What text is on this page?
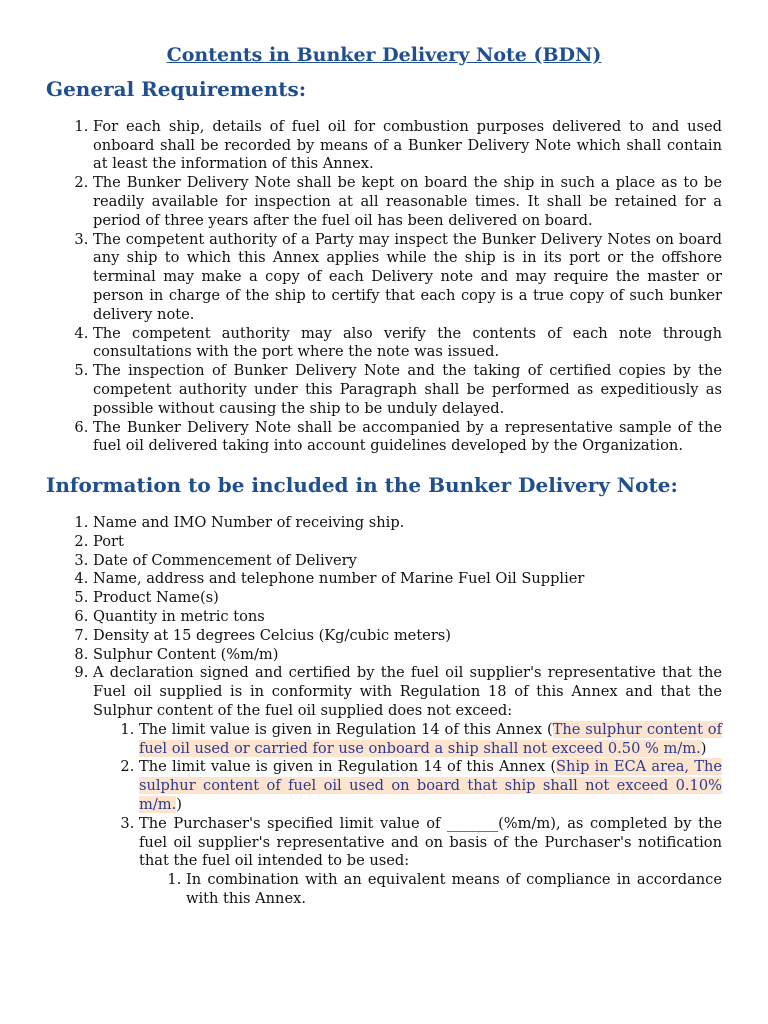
Contents in Bunker Delivery Note (BDN)
General Requirements:
1. For each ship, details of fuel oil for combustion purposes delivered to and used onboard shall be recorded by means of a Bunker Delivery Note which shall contain at least the information of this Annex.
2. The Bunker Delivery Note shall be kept on board the ship in such a place as to be readily available for inspection at all reasonable times. It shall be retained for a period of three years after the fuel oil has been delivered on board.
3. The competent authority of a Party may inspect the Bunker Delivery Notes on board any ship to which this Annex applies while the ship is in its port or the offshore terminal may make a copy of each Delivery note and may require the master or person in charge of the ship to certify that each copy is a true copy of such bunker delivery note.
4. The competent authority may also verify the contents of each note through consultations with the port where the note was issued.
5. The inspection of Bunker Delivery Note and the taking of certified copies by the competent authority under this Paragraph shall be performed as expeditiously as possible without causing the ship to be unduly delayed.
6. The Bunker Delivery Note shall be accompanied by a representative sample of the fuel oil delivered taking into account guidelines developed by the Organization.
Information to be included in the Bunker Delivery Note:
1. Name and IMO Number of receiving ship.
2. Port
3. Date of Commencement of Delivery
4. Name, address and telephone number of Marine Fuel Oil Supplier
5. Product Name(s)
6. Quantity in metric tons
7. Density at 15 degrees Celcius (Kg/cubic meters)
8. Sulphur Content (%m/m)
9. A declaration signed and certified by the fuel oil supplier's representative that the Fuel oil supplied is in conformity with Regulation 18 of this Annex and that the Sulphur content of the fuel oil supplied does not exceed:
1. The limit value is given in Regulation 14 of this Annex (The sulphur content of fuel oil used or carried for use onboard a ship shall not exceed 0.50 % m/m.)
2. The limit value is given in Regulation 14 of this Annex (Ship in ECA area, The sulphur content of fuel oil used on board that ship shall not exceed 0.10% m/m.)
3. The Purchaser's specified limit value of _______(%m/m), as completed by the fuel oil supplier's representative and on basis of the Purchaser's notification that the fuel oil intended to be used:
1. In combination with an equivalent means of compliance in accordance with this Annex.
